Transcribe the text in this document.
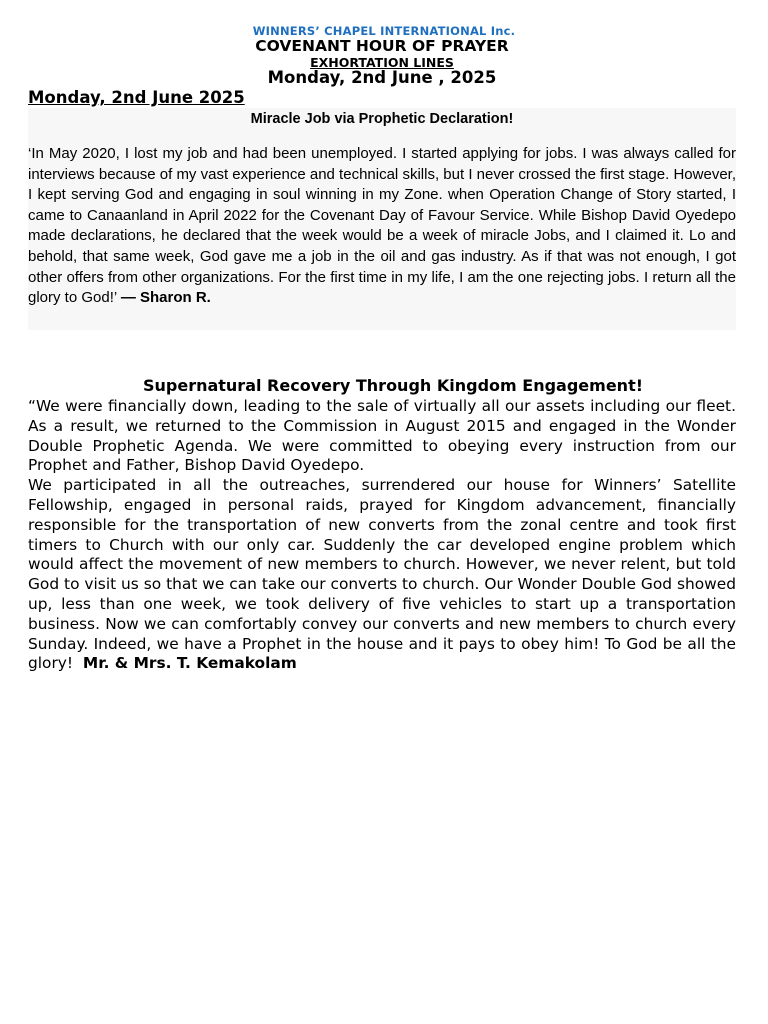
WINNERS’ CHAPEL INTERNATIONAL Inc.
COVENANT HOUR OF PRAYER
EXHORTATION LINES
Monday, 2nd June , 2025
Monday, 2nd June 2025
Miracle Job via Prophetic Declaration!
‘In May 2020, I lost my job and had been unemployed. I started applying for jobs. I was always called for interviews because of my vast experience and technical skills, but I never crossed the first stage. However, I kept serving God and engaging in soul winning in my Zone. when Operation Change of Story started, I came to Canaanland in April 2022 for the Covenant Day of Favour Service. While Bishop David Oyedepo made declarations, he declared that the week would be a week of miracle Jobs, and I claimed it. Lo and behold, that same week, God gave me a job in the oil and gas industry. As if that was not enough, I got other offers from other organizations. For the first time in my life, I am the one rejecting jobs. I return all the glory to God!’ — Sharon R.
Supernatural Recovery Through Kingdom Engagement!

“We were financially down, leading to the sale of virtually all our assets including our fleet. As a result, we returned to the Commission in August 2015 and engaged in the Wonder Double Prophetic Agenda. We were committed to obeying every instruction from our Prophet and Father, Bishop David Oyedepo.

We participated in all the outreaches, surrendered our house for Winners’ Satellite Fellowship, engaged in personal raids, prayed for Kingdom advancement, financially responsible for the transportation of new converts from the zonal centre and took first timers to Church with our only car. Suddenly the car developed engine problem which would affect the movement of new members to church. However, we never relent, but told God to visit us so that we can take our converts to church. Our Wonder Double God showed up, less than one week, we took delivery of five vehicles to start up a transportation business. Now we can comfortably convey our converts and new members to church every Sunday. Indeed, we have a Prophet in the house and it pays to obey him! To God be all the glory! Mr. & Mrs. T. Kemakolam
